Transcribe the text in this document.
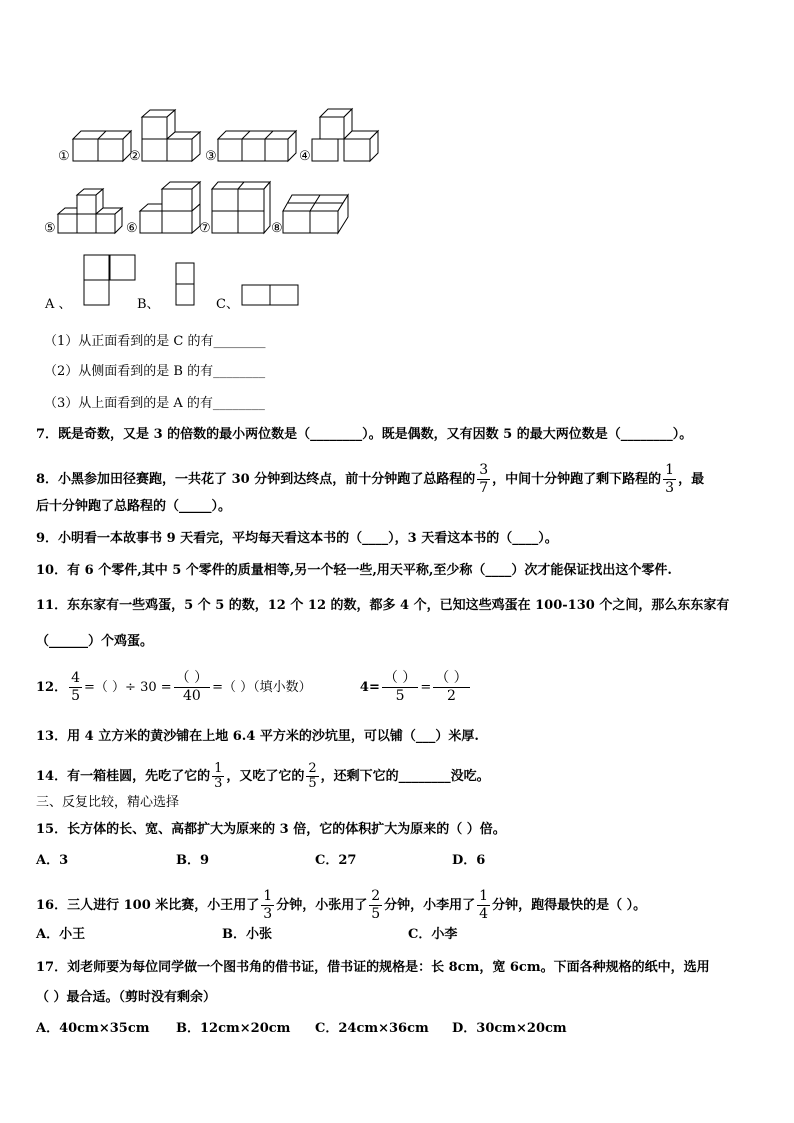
①	②	③	④
⑤	⑥	⑦	⑧
A 、	B、	C、
（1）从正面看到的是 C 的有________
（2）从侧面看到的是 B 的有________
（3）从上面看到的是 A 的有________
7．既是奇数，又是 3 的倍数的最小两位数是（________）。既是偶数，又有因数 5 的最大两位数是（________）。
8．小黑参加田径赛跑，一共花了 30 分钟到达终点，前十分钟跑了总路程的 $\frac{3}{7}$ ，中间十分钟跑了剩下路程的 $\frac{1}{3}$ ，最
后十分钟跑了总路程的（_____）。
9．小明看一本故事书 9 天看完，平均每天看这本书的（____），3 天看这本书的（____）。
10．有 6 个零件,其中 5 个零件的质量相等,另一个轻一些,用天平称,至少称（____）次才能保证找出这个零件.
11．东东家有一些鸡蛋，5 个 5 的数，12 个 12 的数，都多 4 个，已知这些鸡蛋在 100-130 个之间，那么东东家有
（______）个鸡蛋。
12． $\frac{4}{5}$ =（ ）÷ $30 = \frac{( )}{40}$ =（ ）（填小数）	$4= \frac{( )}{5} = \frac{( )}{2}$
13．用 4 立方米的黄沙铺在上地 6.4 平方米的沙坑里，可以铺（___）米厚.
14．有一箱桂圆，先吃了它的 $\frac{1}{3}$ ，又吃了它的 $\frac{2}{5}$ ，还剩下它的________没吃。
三、反复比较，精心选择
15．长方体的长、宽、高都扩大为原来的 3 倍，它的体积扩大为原来的（ ）倍。
A．3	B．9	C．27	D．6
16．三人进行 100 米比赛，小王用了 $\frac{1}{3}$ 分钟，小张用了 $\frac{2}{5}$ 分钟，小李用了 $\frac{1}{4}$ 分钟，跑得最快的是（ ）。
A．小王	B．小张	C．小李
17．刘老师要为每位同学做一个图书角的借书证，借书证的规格是：长 8cm，宽 6cm。下面各种规格的纸中，选用
（ ）最合适。（剪时没有剩余）
A．40cm×35cm B．12cm×20cm C．24cm×36cm D．30cm×20cm
